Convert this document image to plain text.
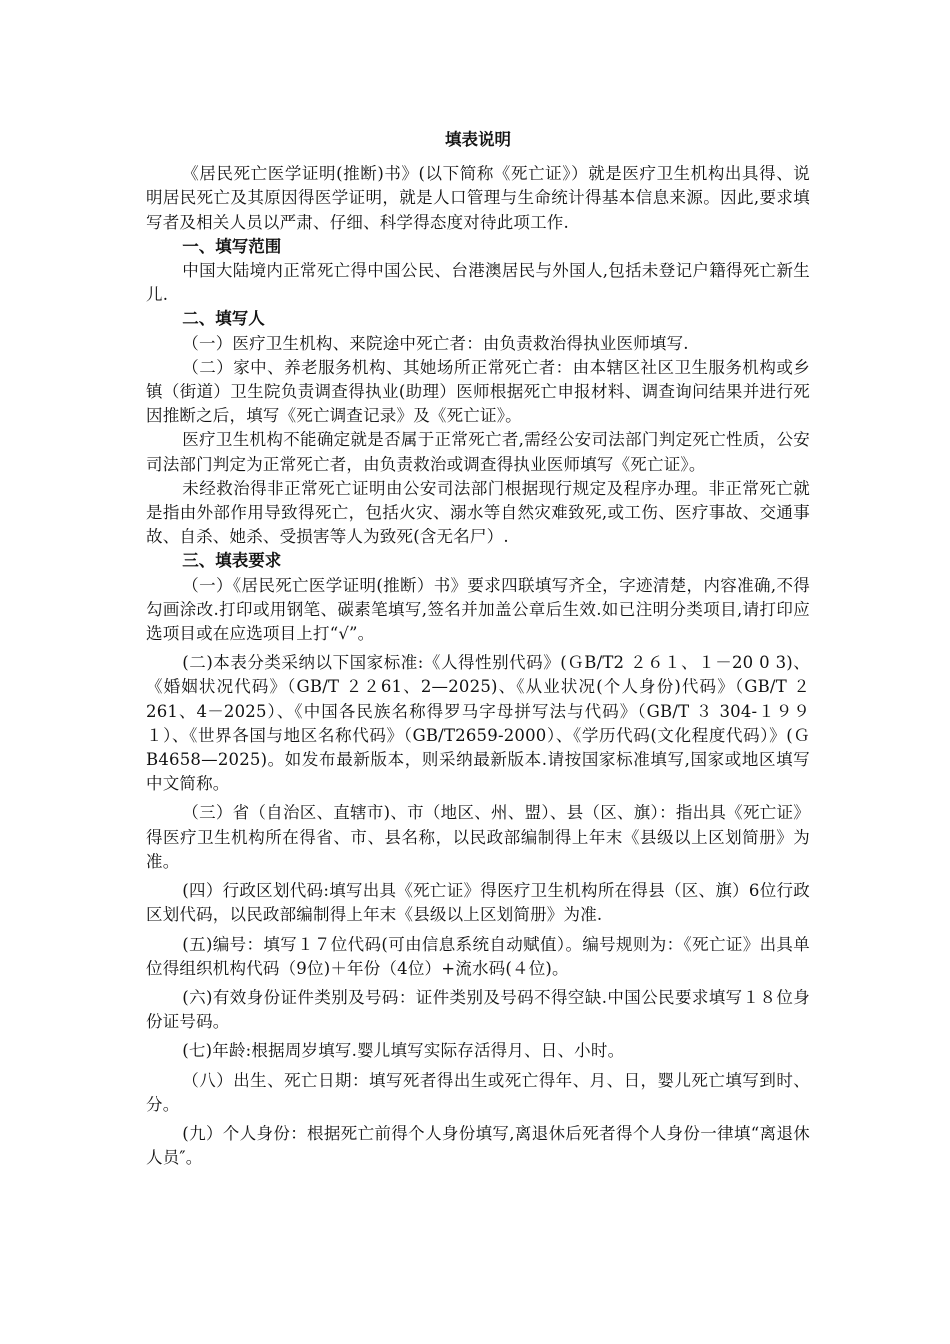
填表说明

《居民死亡医学证明(推断)书》(以下简称《死亡证》）就是医疗卫生机构出具得、说明居民死亡及其原因得医学证明，就是人口管理与生命统计得基本信息来源。因此,要求填写者及相关人员以严肃、仔细、科学得态度对待此项工作.

一、填写范围

中国大陆境内正常死亡得中国公民、台港澳居民与外国人,包括未登记户籍得死亡新生儿.

二、填写人

（一）医疗卫生机构、来院途中死亡者：由负责救治得执业医师填写.

（二）家中、养老服务机构、其她场所正常死亡者：由本辖区社区卫生服务机构或乡镇（街道）卫生院负责调查得执业(助理）医师根据死亡申报材料、调查询问结果并进行死因推断之后，填写《死亡调查记录》及《死亡证》。

医疗卫生机构不能确定就是否属于正常死亡者,需经公安司法部门判定死亡性质，公安司法部门判定为正常死亡者，由负责救治或调查得执业医师填写《死亡证》。

未经救治得非正常死亡证明由公安司法部门根据现行规定及程序办理。非正常死亡就是指由外部作用导致得死亡，包括火灾、溺水等自然灾难致死,或工伤、医疗事故、交通事故、自杀、她杀、受损害等人为致死(含无名尸）.

三、填表要求

（一）《居民死亡医学证明(推断）书》要求四联填写齐全，字迹清楚，内容准确,不得勾画涂改.打印或用钢笔、碳素笔填写,签名并加盖公章后生效.如已注明分类项目,请打印应选项目或在应选项目上打“√”。

(二)本表分类采纳以下国家标准:《人得性别代码》(ＧB/T2 ２６１、１－20 0 3)、《婚姻状况代码》（GB/T ２２61、2—2025)、《从业状况(个人身份)代码》（GB/T ２261、4－2025）、《中国各民族名称得罗马字母拼写法与代码》（GB/T ３ 304-１９９１）、《世界各国与地区名称代码》（GB/T2659-2000）、《学历代码(文化程度代码）》(ＧB4658—2025)。如发布最新版本，则采纳最新版本.请按国家标准填写,国家或地区填写中文简称。

（三）省（自治区、直辖市)、市（地区、州、盟）、县（区、旗）：指出具《死亡证》得医疗卫生机构所在得省、市、县名称，以民政部编制得上年末《县级以上区划简册》为准。

(四）行政区划代码:填写出具《死亡证》得医疗卫生机构所在得县（区、旗）6位行政区划代码，以民政部编制得上年末《县级以上区划简册》为准.

(五)编号：填写１７位代码(可由信息系统自动赋值）。编号规则为：《死亡证》出具单位得组织机构代码（9位)＋年份（4位）+流水码(４位)。

(六)有效身份证件类别及号码：证件类别及号码不得空缺.中国公民要求填写１８位身份证号码。

(七)年龄:根据周岁填写.婴儿填写实际存活得月、日、小时。

（八）出生、死亡日期：填写死者得出生或死亡得年、月、日，婴儿死亡填写到时、分。

(九）个人身份：根据死亡前得个人身份填写,离退休后死者得个人身份一律填“离退休人员″。
